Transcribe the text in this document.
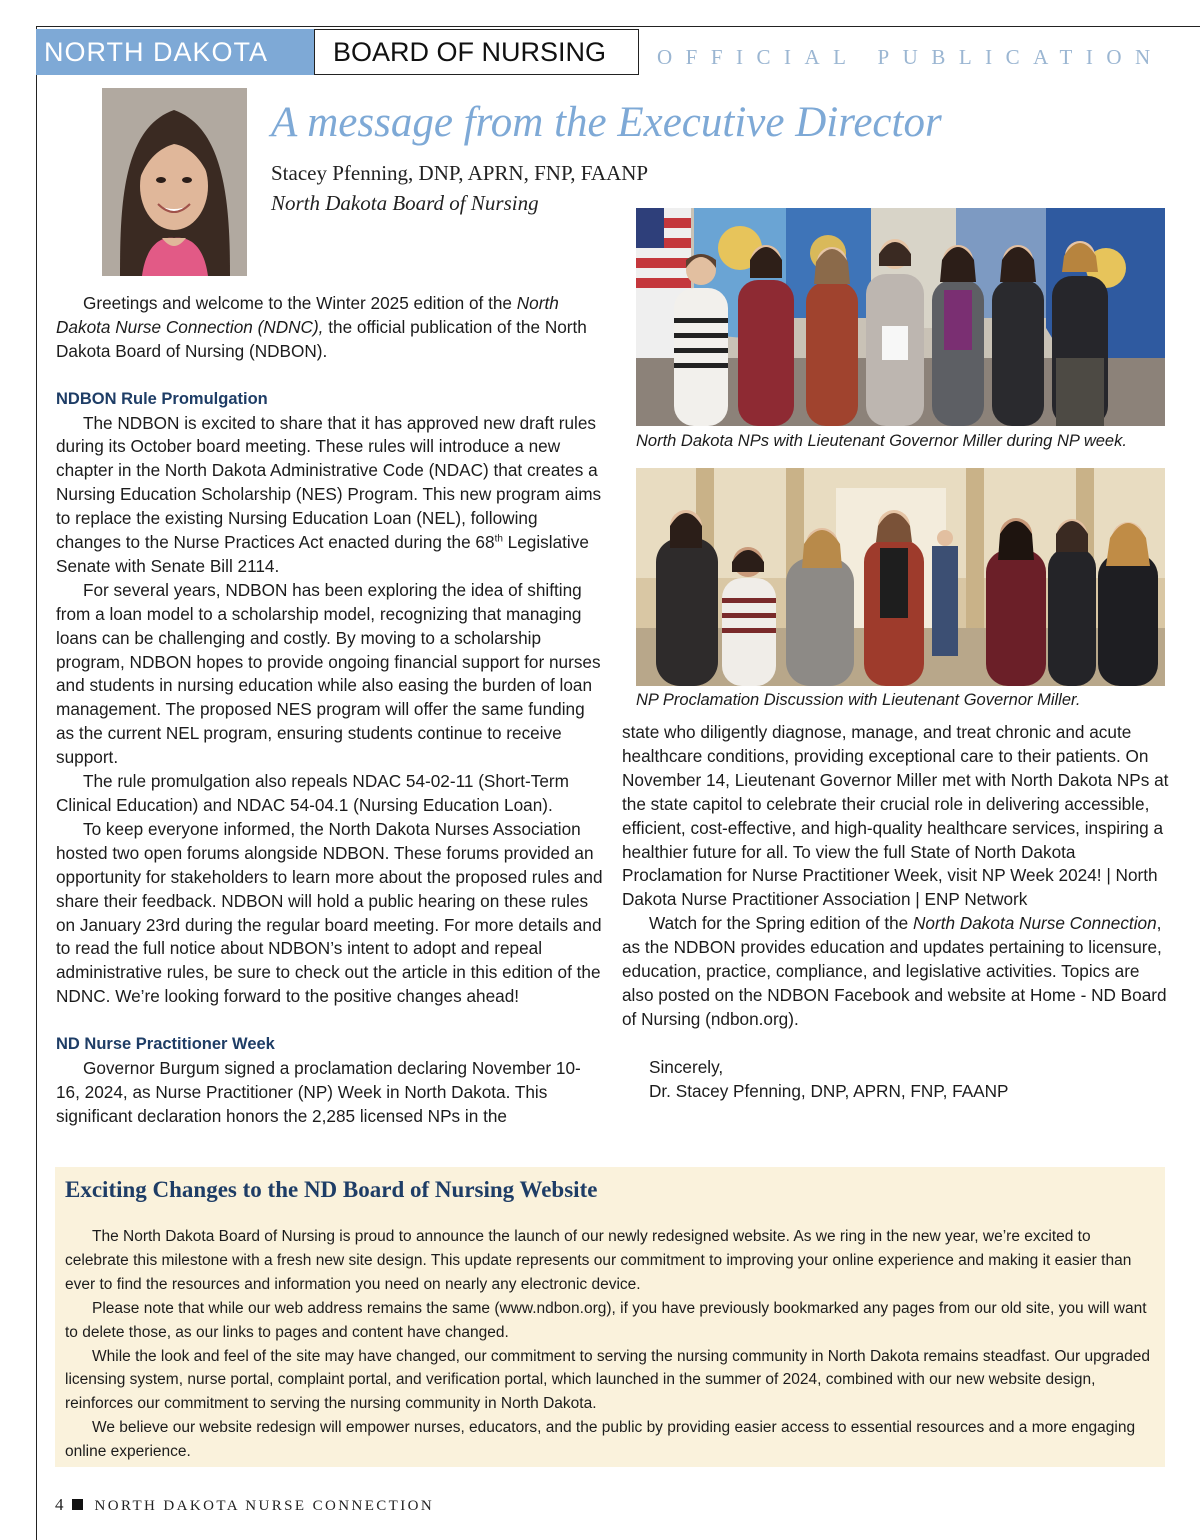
NORTH DAKOTA	BOARD OF NURSING	OFFICIAL PUBLICATION
A message from the Executive Director
Stacey Pfenning, DNP, APRN, FNP, FAANP
North Dakota Board of Nursing
North Dakota NPs with Lieutenant Governor Miller during NP week.
NP Proclamation Discussion with Lieutenant Governor Miller.

Greetings and welcome to the Winter 2025 edition of the North Dakota Nurse Connection (NDNC), the official publication of the North Dakota Board of Nursing (NDBON).

NDBON Rule Promulgation

The NDBON is excited to share that it has approved new draft rules during its October board meeting. These rules will introduce a new chapter in the North Dakota Administrative Code (NDAC) that creates a Nursing Education Scholarship (NES) Program. This new program aims to replace the existing Nursing Education Loan (NEL), following changes to the Nurse Practices Act enacted during the 68th Legislative Senate with Senate Bill 2114.

For several years, NDBON has been exploring the idea of shifting from a loan model to a scholarship model, recognizing that managing loans can be challenging and costly. By moving to a scholarship program, NDBON hopes to provide ongoing financial support for nurses and students in nursing education while also easing the burden of loan management. The proposed NES program will offer the same funding as the current NEL program, ensuring students continue to receive support.

The rule promulgation also repeals NDAC 54-02-11 (Short-Term Clinical Education) and NDAC 54-04.1 (Nursing Education Loan).

To keep everyone informed, the North Dakota Nurses Association hosted two open forums alongside NDBON. These forums provided an opportunity for stakeholders to learn more about the proposed rules and share their feedback. NDBON will hold a public hearing on these rules on January 23rd during the regular board meeting. For more details and to read the full notice about NDBON’s intent to adopt and repeal administrative rules, be sure to check out the article in this edition of the NDNC. We’re looking forward to the positive changes ahead!

ND Nurse Practitioner Week

Governor Burgum signed a proclamation declaring November 10-16, 2024, as Nurse Practitioner (NP) Week in North Dakota. This significant declaration honors the 2,285 licensed NPs in the

state who diligently diagnose, manage, and treat chronic and acute healthcare conditions, providing exceptional care to their patients. On November 14, Lieutenant Governor Miller met with North Dakota NPs at the state capitol to celebrate their crucial role in delivering accessible, efficient, cost-effective, and high-quality healthcare services, inspiring a healthier future for all. To view the full State of North Dakota Proclamation for Nurse Practitioner Week, visit NP Week 2024! | North Dakota Nurse Practitioner Association | ENP Network

Watch for the Spring edition of the North Dakota Nurse Connection, as the NDBON provides education and updates pertaining to licensure, education, practice, compliance, and legislative activities. Topics are also posted on the NDBON Facebook and website at Home - ND Board of Nursing (ndbon.org).

Sincerely,

Dr. Stacey Pfenning, DNP, APRN, FNP, FAANP

Exciting Changes to the ND Board of Nursing Website

The North Dakota Board of Nursing is proud to announce the launch of our newly redesigned website. As we ring in the new year, we’re excited to celebrate this milestone with a fresh new site design. This update represents our commitment to improving your online experience and making it easier than ever to find the resources and information you need on nearly any electronic device.

Please note that while our web address remains the same (www.ndbon.org), if you have previously bookmarked any pages from our old site, you will want to delete those, as our links to pages and content have changed.

While the look and feel of the site may have changed, our commitment to serving the nursing community in North Dakota remains steadfast. Our upgraded licensing system, nurse portal, complaint portal, and verification portal, which launched in the summer of 2024, combined with our new website design, reinforces our commitment to serving the nursing community in North Dakota.

We believe our website redesign will empower nurses, educators, and the public by providing easier access to essential resources and a more engaging online experience.

4 NORTH DAKOTA NURSE CONNECTION
